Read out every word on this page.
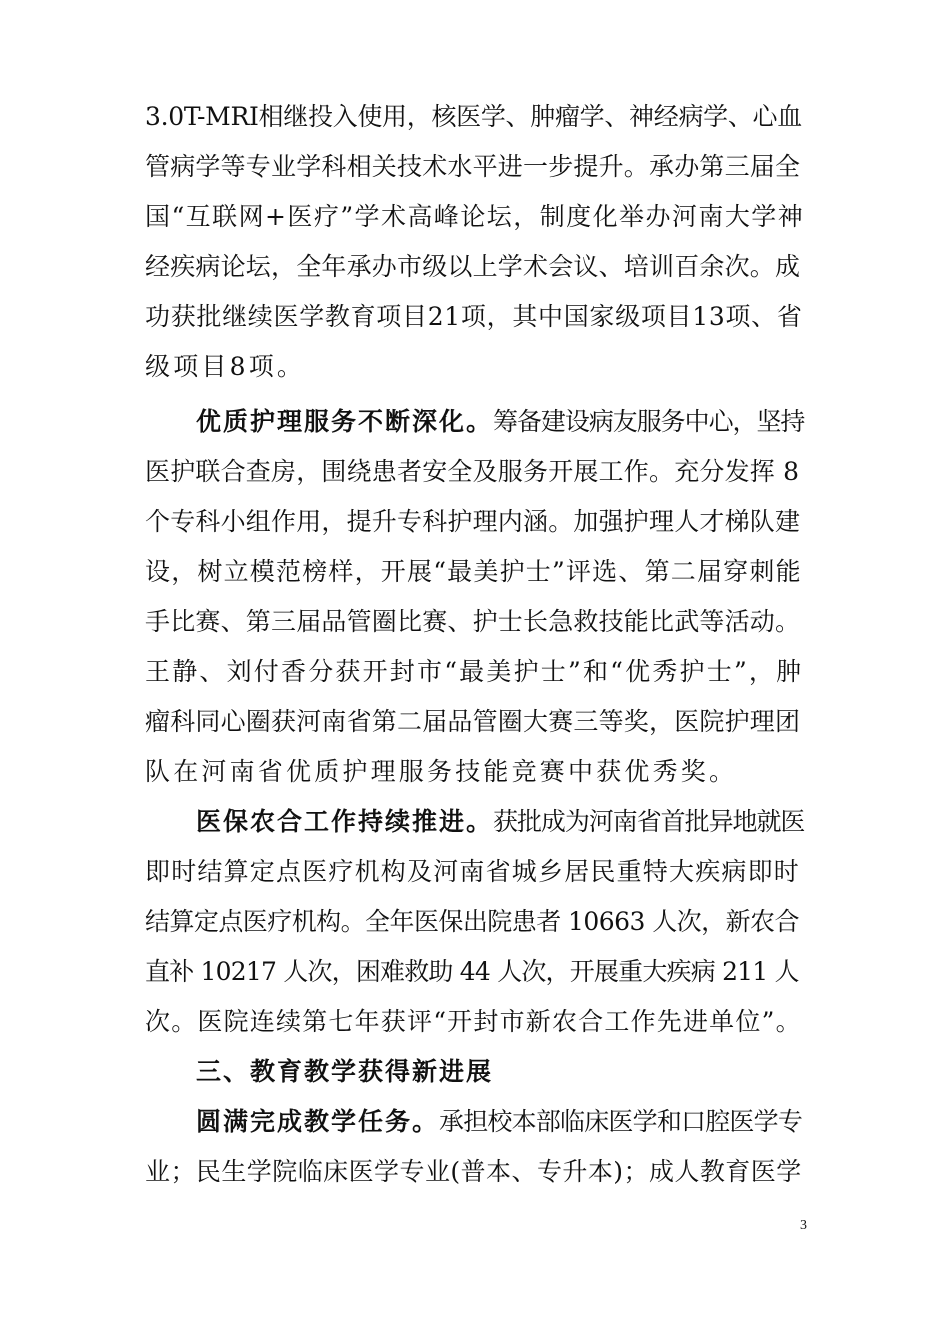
3.0T-MRI相继投入使用，核医学、肿瘤学、神经病学、心血
管病学等专业学科相关技术水平进一步提升。承办第三届全
国“互联网+医疗”学术高峰论坛，制度化举办河南大学神
经疾病论坛，全年承办市级以上学术会议、培训百余次。成
功获批继续医学教育项目21项，其中国家级项目13项、省
级项目8项。
优质护理服务不断深化。筹备建设病友服务中心，坚持
医护联合查房，围绕患者安全及服务开展工作。充分发挥 8
个专科小组作用，提升专科护理内涵。加强护理人才梯队建
设，树立模范榜样，开展“最美护士”评选、第二届穿刺能
手比赛、第三届品管圈比赛、护士长急救技能比武等活动。
王静、刘付香分获开封市“最美护士”和“优秀护士”，肿
瘤科同心圈获河南省第二届品管圈大赛三等奖，医院护理团
队在河南省优质护理服务技能竞赛中获优秀奖。
医保农合工作持续推进。获批成为河南省首批异地就医
即时结算定点医疗机构及河南省城乡居民重特大疾病即时
结算定点医疗机构。全年医保出院患者 10663 人次，新农合
直补 10217 人次，困难救助 44 人次，开展重大疾病 211 人
次。医院连续第七年获评“开封市新农合工作先进单位”。
三、教育教学获得新进展
圆满完成教学任务。承担校本部临床医学和口腔医学专
业；民生学院临床医学专业(普本、专升本)；成人教育医学
3
